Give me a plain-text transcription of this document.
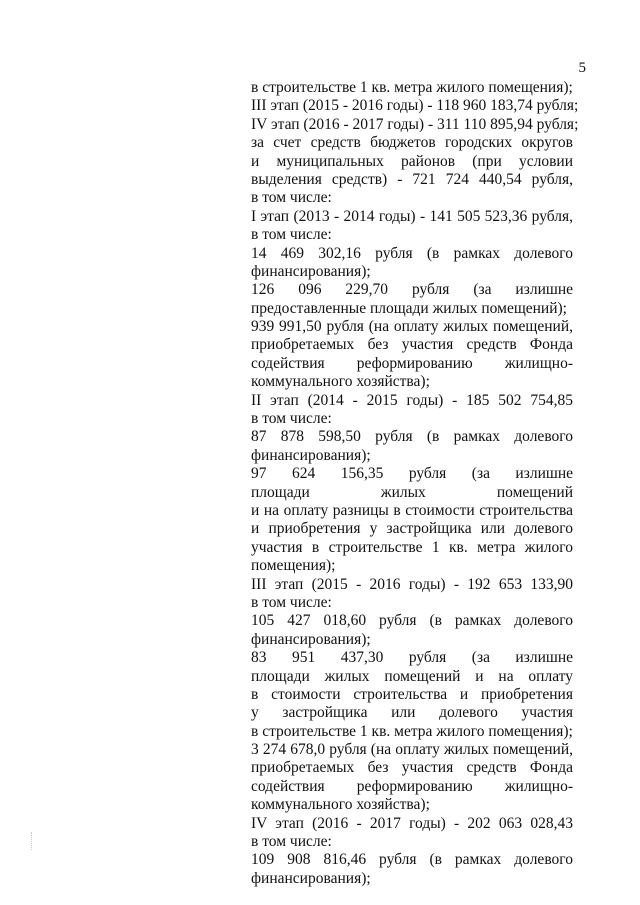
5
в строительстве 1 кв. метра жилого помещения);
III этап (2015 - 2016 годы) - 118 960 183,74 рубля;
IV этап (2016 - 2017 годы) - 311 110 895,94 рубля;
за счет средств бюджетов городских округов
и муниципальных районов (при условии
выделения средств) - 721 724 440,54 рубля,
в том числе:
I этап (2013 - 2014 годы) - 141 505 523,36 рубля,
в том числе:
14 469 302,16 рубля (в рамках долевого
финансирования);
126 096 229,70 рубля (за излишне
предоставленные площади жилых помещений);
939 991,50 рубля (на оплату жилых помещений,
приобретаемых без участия средств Фонда
содействия реформированию жилищно-
коммунального хозяйства);
II этап (2014 - 2015 годы) - 185 502 754,85
в том числе:
87 878 598,50 рубля (в рамках долевого
финансирования);
97 624 156,35 рубля (за излишне
площади жилых помещений
и на оплату разницы в стоимости строительства
и приобретения у застройщика или долевого
участия в строительстве 1 кв. метра жилого
помещения);
III этап (2015 - 2016 годы) - 192 653 133,90
в том числе:
105 427 018,60 рубля (в рамках долевого
финансирования);
83 951 437,30 рубля (за излишне
площади жилых помещений и на оплату
в стоимости строительства и приобретения
у застройщика или долевого участия
в строительстве 1 кв. метра жилого помещения);
3 274 678,0 рубля (на оплату жилых помещений,
приобретаемых без участия средств Фонда
содействия реформированию жилищно-
коммунального хозяйства);
IV этап (2016 - 2017 годы) - 202 063 028,43
в том числе:
109 908 816,46 рубля (в рамках долевого
финансирования);
